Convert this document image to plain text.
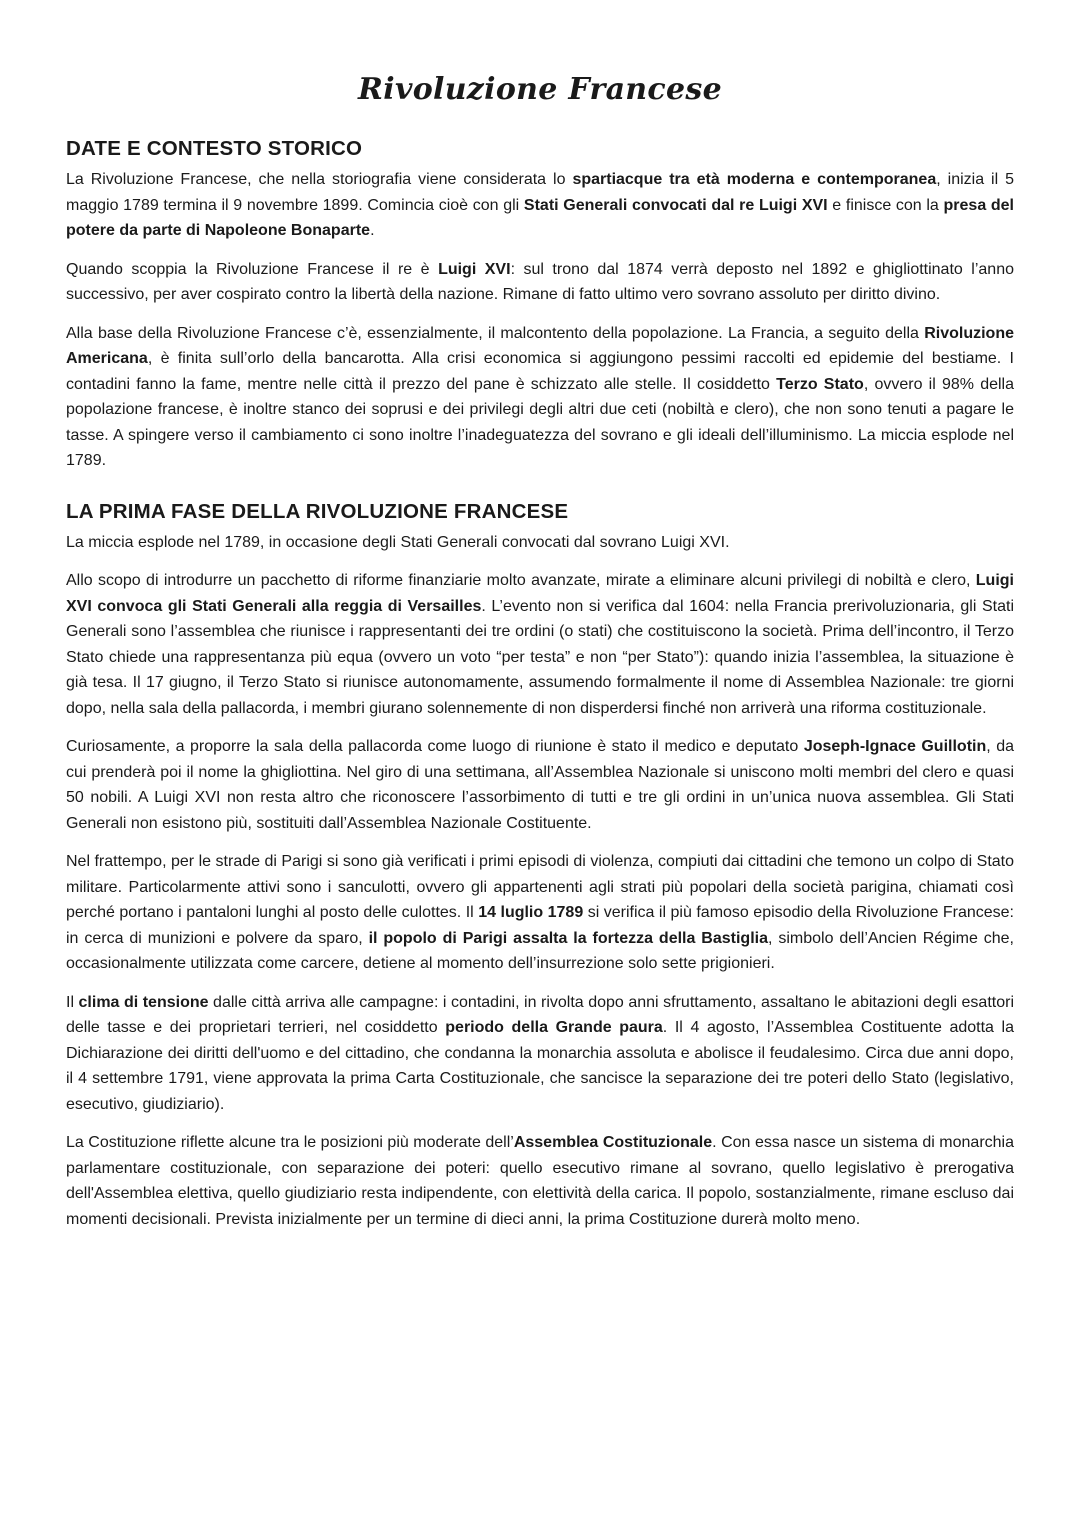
Rivoluzione Francese
DATE E CONTESTO STORICO

La Rivoluzione Francese, che nella storiografia viene considerata lo spartiacque tra età moderna e contemporanea, inizia il 5 maggio 1789 termina il 9 novembre 1899. Comincia cioè con gli Stati Generali convocati dal re Luigi XVI e finisce con la presa del potere da parte di Napoleone Bonaparte.

Quando scoppia la Rivoluzione Francese il re è Luigi XVI: sul trono dal 1874 verrà deposto nel 1892 e ghigliottinato l’anno successivo, per aver cospirato contro la libertà della nazione. Rimane di fatto ultimo vero sovrano assoluto per diritto divino.

Alla base della Rivoluzione Francese c’è, essenzialmente, il malcontento della popolazione. La Francia, a seguito della Rivoluzione Americana, è finita sull’orlo della bancarotta. Alla crisi economica si aggiungono pessimi raccolti ed epidemie del bestiame. I contadini fanno la fame, mentre nelle città il prezzo del pane è schizzato alle stelle. Il cosiddetto Terzo Stato, ovvero il 98% della popolazione francese, è inoltre stanco dei soprusi e dei privilegi degli altri due ceti (nobiltà e clero), che non sono tenuti a pagare le tasse. A spingere verso il cambiamento ci sono inoltre l’inadeguatezza del sovrano e gli ideali dell’illuminismo. La miccia esplode nel 1789.

LA PRIMA FASE DELLA RIVOLUZIONE FRANCESE

La miccia esplode nel 1789, in occasione degli Stati Generali convocati dal sovrano Luigi XVI.

Allo scopo di introdurre un pacchetto di riforme finanziarie molto avanzate, mirate a eliminare alcuni privilegi di nobiltà e clero, Luigi XVI convoca gli Stati Generali alla reggia di Versailles. L’evento non si verifica dal 1604: nella Francia prerivoluzionaria, gli Stati Generali sono l’assemblea che riunisce i rappresentanti dei tre ordini (o stati) che costituiscono la società. Prima dell’incontro, il Terzo Stato chiede una rappresentanza più equa (ovvero un voto “per testa” e non “per Stato”): quando inizia l’assemblea, la situazione è già tesa. Il 17 giugno, il Terzo Stato si riunisce autonomamente, assumendo formalmente il nome di Assemblea Nazionale: tre giorni dopo, nella sala della pallacorda, i membri giurano solennemente di non disperdersi finché non arriverà una riforma costituzionale.

Curiosamente, a proporre la sala della pallacorda come luogo di riunione è stato il medico e deputato Joseph-Ignace Guillotin, da cui prenderà poi il nome la ghigliottina. Nel giro di una settimana, all’Assemblea Nazionale si uniscono molti membri del clero e quasi 50 nobili. A Luigi XVI non resta altro che riconoscere l’assorbimento di tutti e tre gli ordini in un’unica nuova assemblea. Gli Stati Generali non esistono più, sostituiti dall’Assemblea Nazionale Costituente.

Nel frattempo, per le strade di Parigi si sono già verificati i primi episodi di violenza, compiuti dai cittadini che temono un colpo di Stato militare. Particolarmente attivi sono i sanculotti, ovvero gli appartenenti agli strati più popolari della società parigina, chiamati così perché portano i pantaloni lunghi al posto delle culottes. Il 14 luglio 1789 si verifica il più famoso episodio della Rivoluzione Francese: in cerca di munizioni e polvere da sparo, il popolo di Parigi assalta la fortezza della Bastiglia, simbolo dell’Ancien Régime che, occasionalmente utilizzata come carcere, detiene al momento dell’insurrezione solo sette prigionieri.

Il clima di tensione dalle città arriva alle campagne: i contadini, in rivolta dopo anni sfruttamento, assaltano le abitazioni degli esattori delle tasse e dei proprietari terrieri, nel cosiddetto periodo della Grande paura. Il 4 agosto, l’Assemblea Costituente adotta la Dichiarazione dei diritti dell'uomo e del cittadino, che condanna la monarchia assoluta e abolisce il feudalesimo. Circa due anni dopo, il 4 settembre 1791, viene approvata la prima Carta Costituzionale, che sancisce la separazione dei tre poteri dello Stato (legislativo, esecutivo, giudiziario).

La Costituzione riflette alcune tra le posizioni più moderate dell’Assemblea Costituzionale. Con essa nasce un sistema di monarchia parlamentare costituzionale, con separazione dei poteri: quello esecutivo rimane al sovrano, quello legislativo è prerogativa dell'Assemblea elettiva, quello giudiziario resta indipendente, con elettività della carica. Il popolo, sostanzialmente, rimane escluso dai momenti decisionali. Prevista inizialmente per un termine di dieci anni, la prima Costituzione durerà molto meno.
